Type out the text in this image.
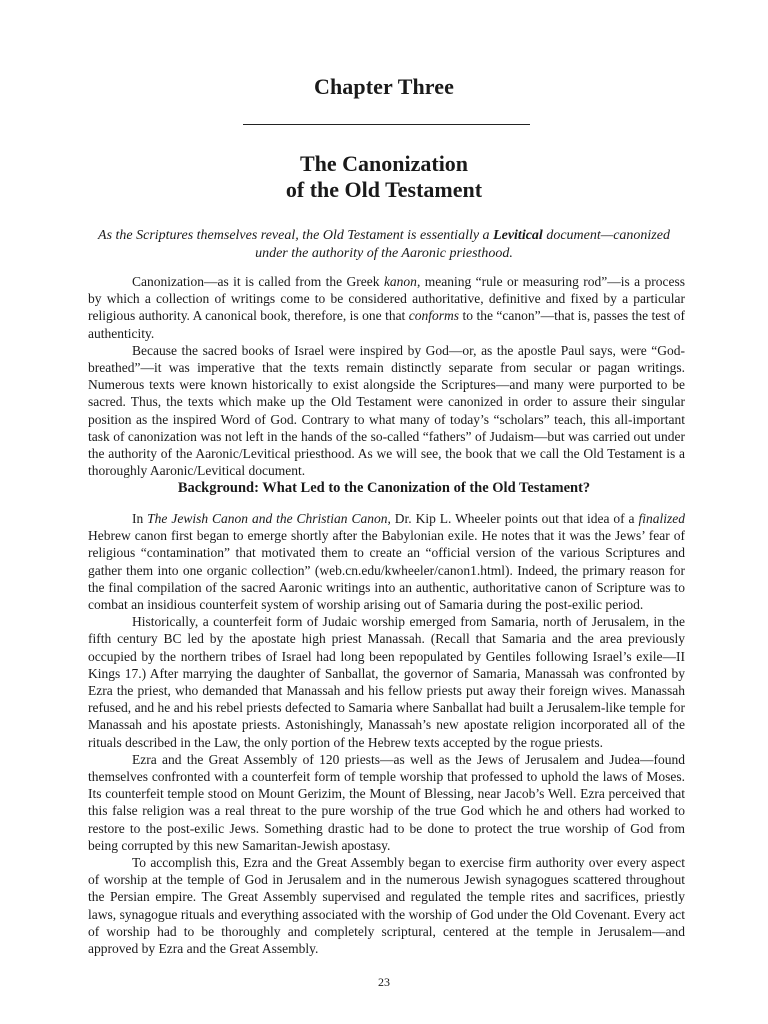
Chapter Three
The Canonization
of the Old Testament
As the Scriptures themselves reveal, the Old Testament is essentially a Levitical document—canonized under the authority of the Aaronic priesthood.

Canonization—as it is called from the Greek kanon, meaning “rule or measuring rod”—is a process by which a collection of writings come to be considered authoritative, definitive and fixed by a particular religious authority. A canonical book, therefore, is one that conforms to the “canon”—that is, passes the test of authenticity.

Because the sacred books of Israel were inspired by God—or, as the apostle Paul says, were “God-breathed”—it was imperative that the texts remain distinctly separate from secular or pagan writings. Numerous texts were known historically to exist alongside the Scriptures—and many were purported to be sacred. Thus, the texts which make up the Old Testament were canonized in order to assure their singular position as the inspired Word of God. Contrary to what many of today’s “scholars” teach, this all-important task of canonization was not left in the hands of the so-called “fathers” of Judaism—but was carried out under the authority of the Aaronic/Levitical priesthood. As we will see, the book that we call the Old Testament is a thoroughly Aaronic/Levitical document.

Background: What Led to the Canonization of the Old Testament?

In The Jewish Canon and the Christian Canon, Dr. Kip L. Wheeler points out that idea of a finalized Hebrew canon first began to emerge shortly after the Babylonian exile. He notes that it was the Jews’ fear of religious “contamination” that motivated them to create an “official version of the various Scriptures and gather them into one organic collection” (web.cn.edu/kwheeler/canon1.html). Indeed, the primary reason for the final compilation of the sacred Aaronic writings into an authentic, authoritative canon of Scripture was to combat an insidious counterfeit system of worship arising out of Samaria during the post-exilic period.

Historically, a counterfeit form of Judaic worship emerged from Samaria, north of Jerusalem, in the fifth century BC led by the apostate high priest Manassah. (Recall that Samaria and the area previously occupied by the northern tribes of Israel had long been repopulated by Gentiles following Israel’s exile—II Kings 17.) After marrying the daughter of Sanballat, the governor of Samaria, Manassah was confronted by Ezra the priest, who demanded that Manassah and his fellow priests put away their foreign wives. Manassah refused, and he and his rebel priests defected to Samaria where Sanballat had built a Jerusalem-like temple for Manassah and his apostate priests. Astonishingly, Manassah’s new apostate religion incorporated all of the rituals described in the Law, the only portion of the Hebrew texts accepted by the rogue priests.

Ezra and the Great Assembly of 120 priests—as well as the Jews of Jerusalem and Judea—found themselves confronted with a counterfeit form of temple worship that professed to uphold the laws of Moses. Its counterfeit temple stood on Mount Gerizim, the Mount of Blessing, near Jacob’s Well. Ezra perceived that this false religion was a real threat to the pure worship of the true God which he and others had worked to restore to the post-exilic Jews. Something drastic had to be done to protect the true worship of God from being corrupted by this new Samaritan-Jewish apostasy.

To accomplish this, Ezra and the Great Assembly began to exercise firm authority over every aspect of worship at the temple of God in Jerusalem and in the numerous Jewish synagogues scattered throughout the Persian empire. The Great Assembly supervised and regulated the temple rites and sacrifices, priestly laws, synagogue rituals and everything associated with the worship of God under the Old Covenant. Every act of worship had to be thoroughly and completely scriptural, centered at the temple in Jerusalem—and approved by Ezra and the Great Assembly.

23
